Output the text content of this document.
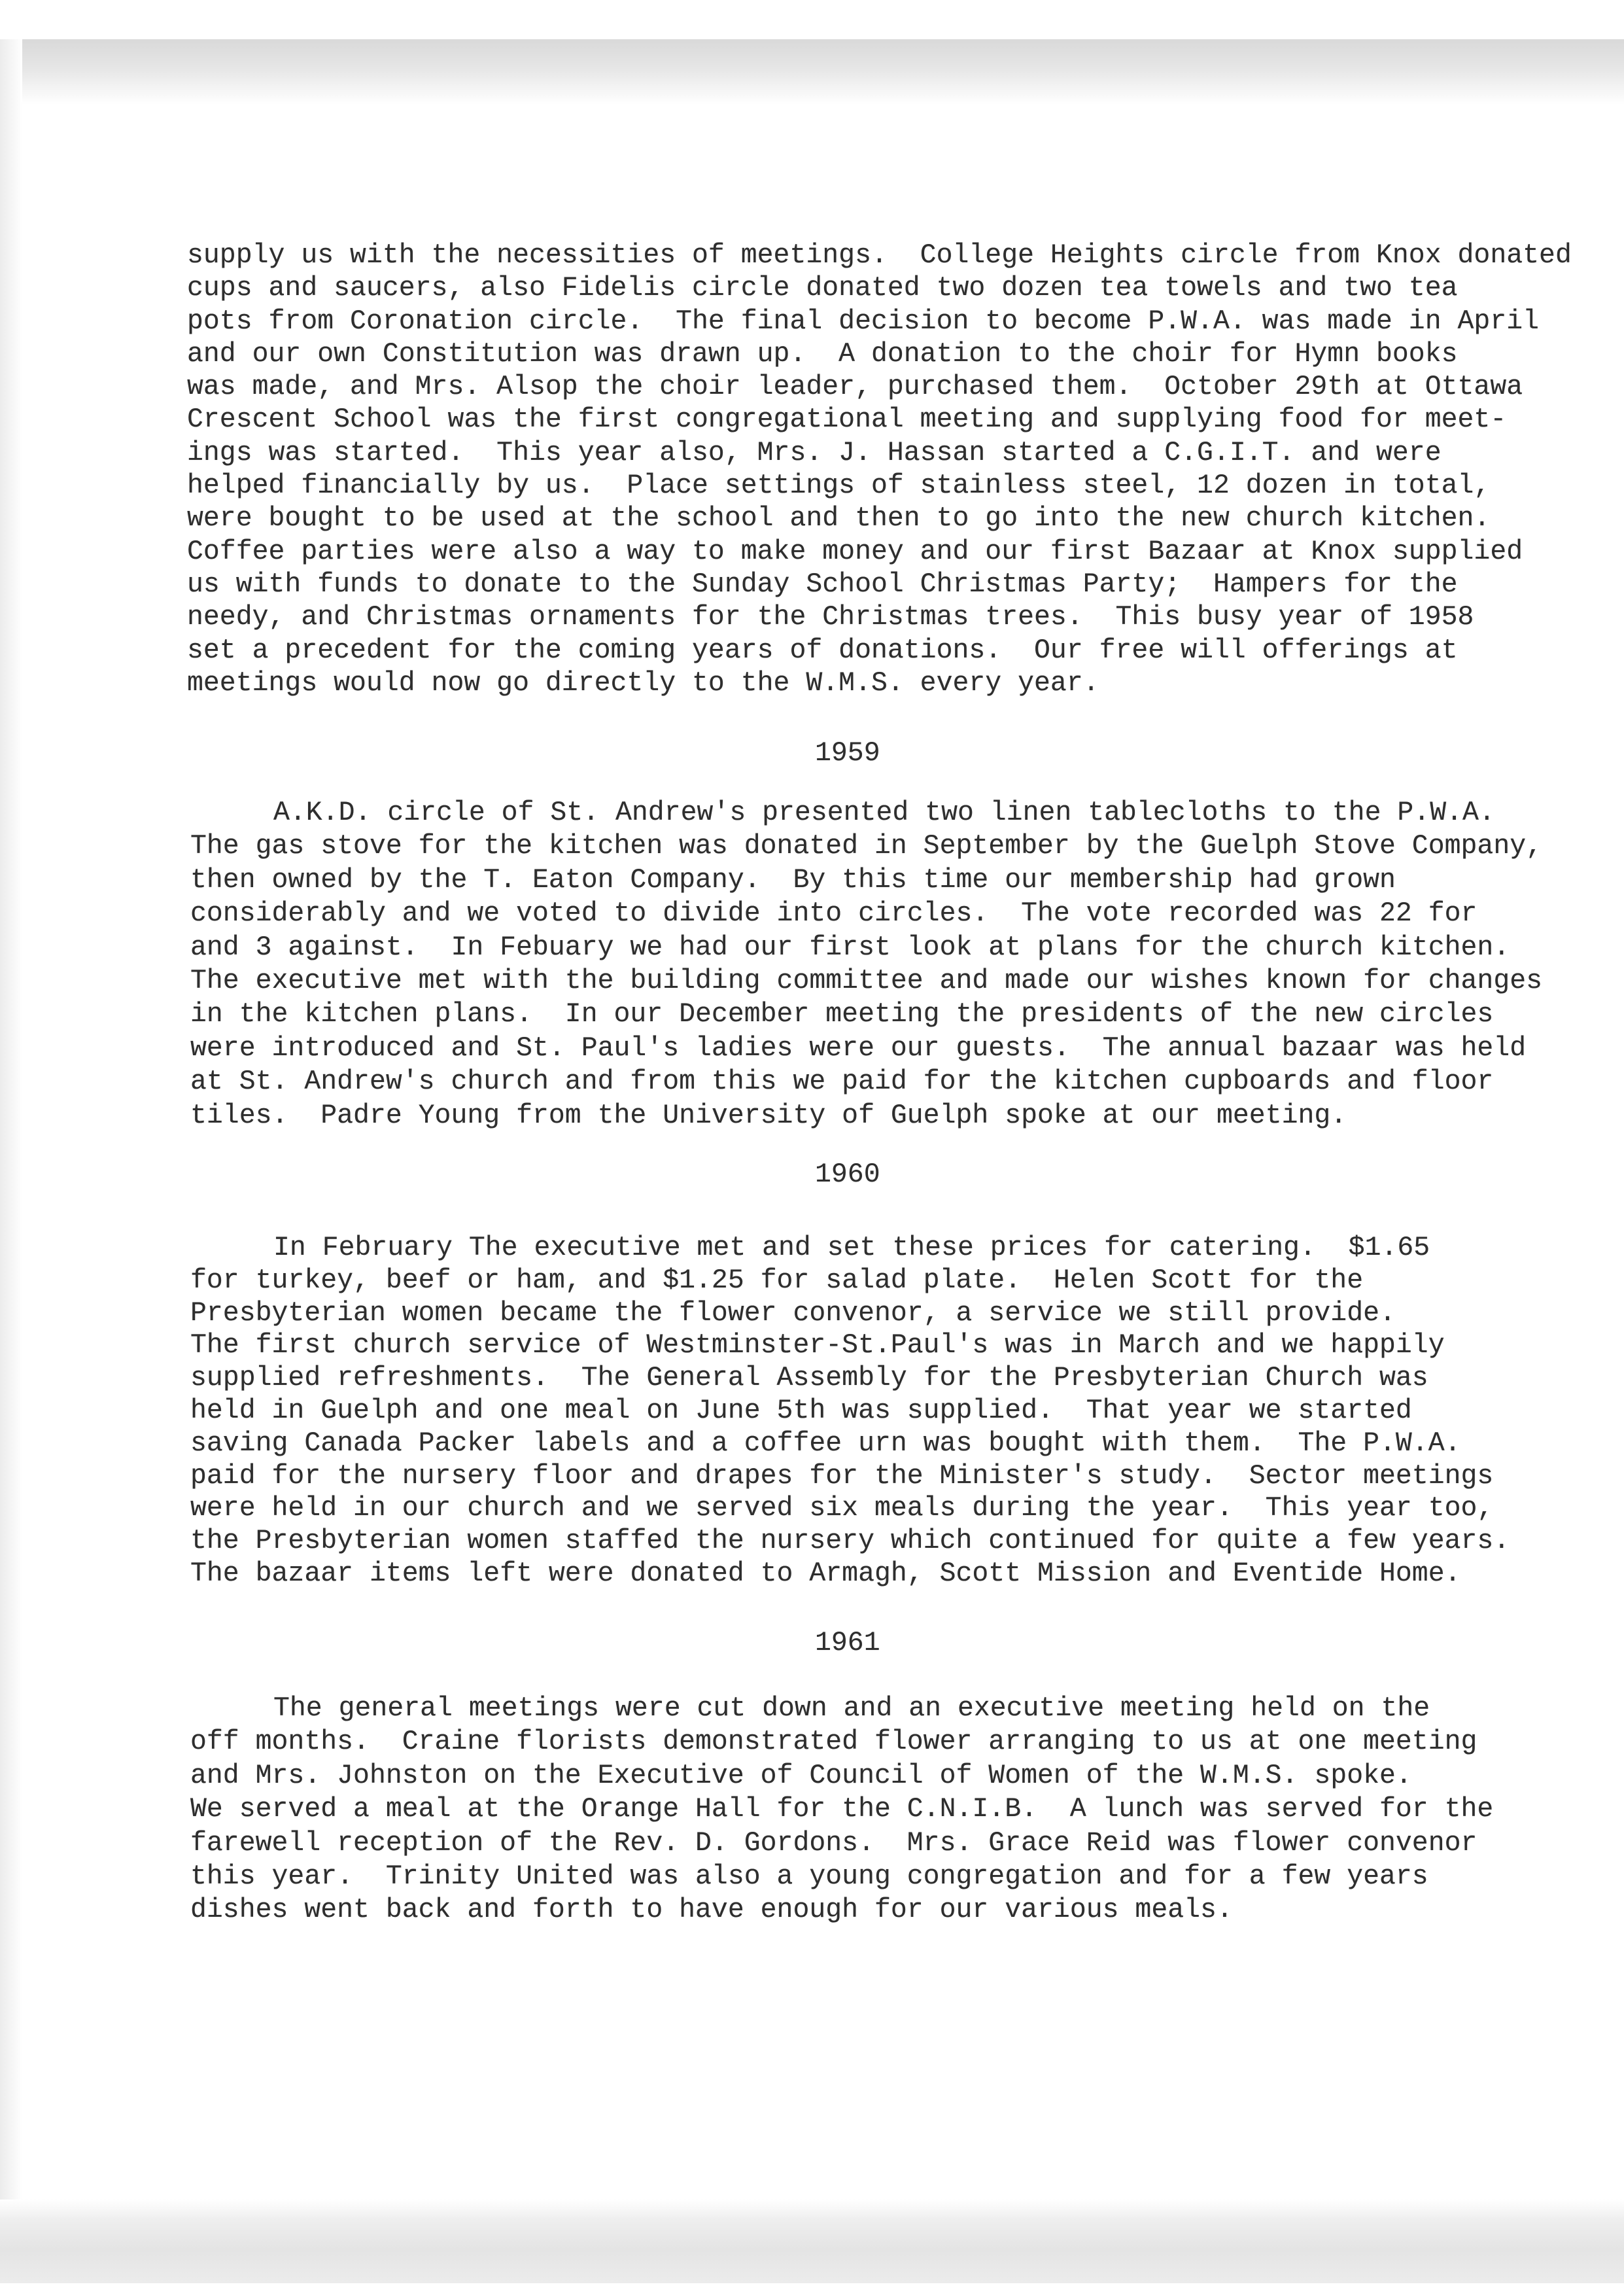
supply us with the necessities of meetings.  College Heights circle from Knox donated
cups and saucers, also Fidelis circle donated two dozen tea towels and two tea
pots from Coronation circle.  The final decision to become P.W.A. was made in April
and our own Constitution was drawn up.  A donation to the choir for Hymn books
was made, and Mrs. Alsop the choir leader, purchased them.  October 29th at Ottawa
Crescent School was the first congregational meeting and supplying food for meet-
ings was started.  This year also, Mrs. J. Hassan started a C.G.I.T. and were
helped financially by us.  Place settings of stainless steel, 12 dozen in total,
were bought to be used at the school and then to go into the new church kitchen.
Coffee parties were also a way to make money and our first Bazaar at Knox supplied
us with funds to donate to the Sunday School Christmas Party;  Hampers for the
needy, and Christmas ornaments for the Christmas trees.  This busy year of 1958
set a precedent for the coming years of donations.  Our free will offerings at
meetings would now go directly to the W.M.S. every year.
1959
A.K.D. circle of St. Andrew's presented two linen tablecloths to the P.W.A.
The gas stove for the kitchen was donated in September by the Guelph Stove Company,
then owned by the T. Eaton Company.  By this time our membership had grown
considerably and we voted to divide into circles.  The vote recorded was 22 for
and 3 against.  In Febuary we had our first look at plans for the church kitchen.
The executive met with the building committee and made our wishes known for changes
in the kitchen plans.  In our December meeting the presidents of the new circles
were introduced and St. Paul's ladies were our guests.  The annual bazaar was held
at St. Andrew's church and from this we paid for the kitchen cupboards and floor
tiles.  Padre Young from the University of Guelph spoke at our meeting.
1960
In February The executive met and set these prices for catering.  $1.65
for turkey, beef or ham, and $1.25 for salad plate.  Helen Scott for the
Presbyterian women became the flower convenor, a service we still provide.
The first church service of Westminster-St.Paul's was in March and we happily
supplied refreshments.  The General Assembly for the Presbyterian Church was
held in Guelph and one meal on June 5th was supplied.  That year we started
saving Canada Packer labels and a coffee urn was bought with them.  The P.W.A.
paid for the nursery floor and drapes for the Minister's study.  Sector meetings
were held in our church and we served six meals during the year.  This year too,
the Presbyterian women staffed the nursery which continued for quite a few years.
The bazaar items left were donated to Armagh, Scott Mission and Eventide Home.
1961
The general meetings were cut down and an executive meeting held on the
off months.  Craine florists demonstrated flower arranging to us at one meeting
and Mrs. Johnston on the Executive of Council of Women of the W.M.S. spoke.
We served a meal at the Orange Hall for the C.N.I.B.  A lunch was served for the
farewell reception of the Rev. D. Gordons.  Mrs. Grace Reid was flower convenor
this year.  Trinity United was also a young congregation and for a few years
dishes went back and forth to have enough for our various meals.
